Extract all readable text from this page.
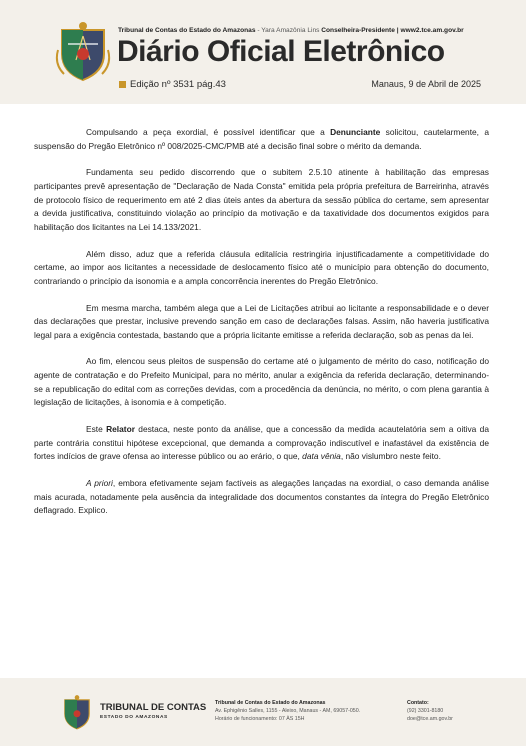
Tribunal de Contas do Estado do Amazonas - Yara Amazônia Lins Conselheira-Presidente | www2.tce.am.gov.br
Diário Oficial Eletrônico
Edição nº 3531 pág.43	Manaus, 9 de Abril de 2025

Compulsando a peça exordial, é possível identificar que a Denunciante solicitou, cautelarmente, a suspensão do Pregão Eletrônico nº 008/2025-CMC/PMB até a decisão final sobre o mérito da demanda.

Fundamenta seu pedido discorrendo que o subitem 2.5.10 atinente à habilitação das empresas participantes prevê apresentação de "Declaração de Nada Consta" emitida pela própria prefeitura de Barreirinha, através de protocolo físico de requerimento em até 2 dias úteis antes da abertura da sessão pública do certame, sem apresentar a devida justificativa, constituindo violação ao princípio da motivação e da taxatividade dos documentos exigidos para habilitação dos licitantes na Lei 14.133/2021.

Além disso, aduz que a referida cláusula editalícia restringiria injustificadamente a competitividade do certame, ao impor aos licitantes a necessidade de deslocamento físico até o município para obtenção do documento, contrariando o princípio da isonomia e a ampla concorrência inerentes do Pregão Eletrônico.

Em mesma marcha, também alega que a Lei de Licitações atribui ao licitante a responsabilidade e o dever das declarações que prestar, inclusive prevendo sanção em caso de declarações falsas. Assim, não haveria justificativa legal para a exigência contestada, bastando que a própria licitante emitisse a referida declaração, sob as penas da lei.

Ao fim, elencou seus pleitos de suspensão do certame até o julgamento de mérito do caso, notificação do agente de contratação e do Prefeito Municipal, para no mérito, anular a exigência da referida declaração, determinando-se a republicação do edital com as correções devidas, com a procedência da denúncia, no mérito, o com plena garantia à legislação de licitações, à isonomia e à competição.

Este Relator destaca, neste ponto da análise, que a concessão da medida acautelatória sem a oitiva da parte contrária constitui hipótese excepcional, que demanda a comprovação indiscutível e inafastável da existência de fortes indícios de grave ofensa ao interesse público ou ao erário, o que, data vênia, não vislumbro neste feito.

A priori, embora efetivamente sejam factíveis as alegações lançadas na exordial, o caso demanda análise mais acurada, notadamente pela ausência da integralidade dos documentos constantes da íntegra do Pregão Eletrônico deflagrado. Explico.

TRIBUNAL DE CONTAS
ESTADO DO AMAZONAS
Tribunal de Contas do Estado do Amazonas
Av. Ephigênio Salles, 1155 - Aleixo, Manaus - AM, 69057-050.
Horário de funcionamento: 07 ÀS 15H
Contato:
(92) 3301-8180
doe@tce.am.gov.br
